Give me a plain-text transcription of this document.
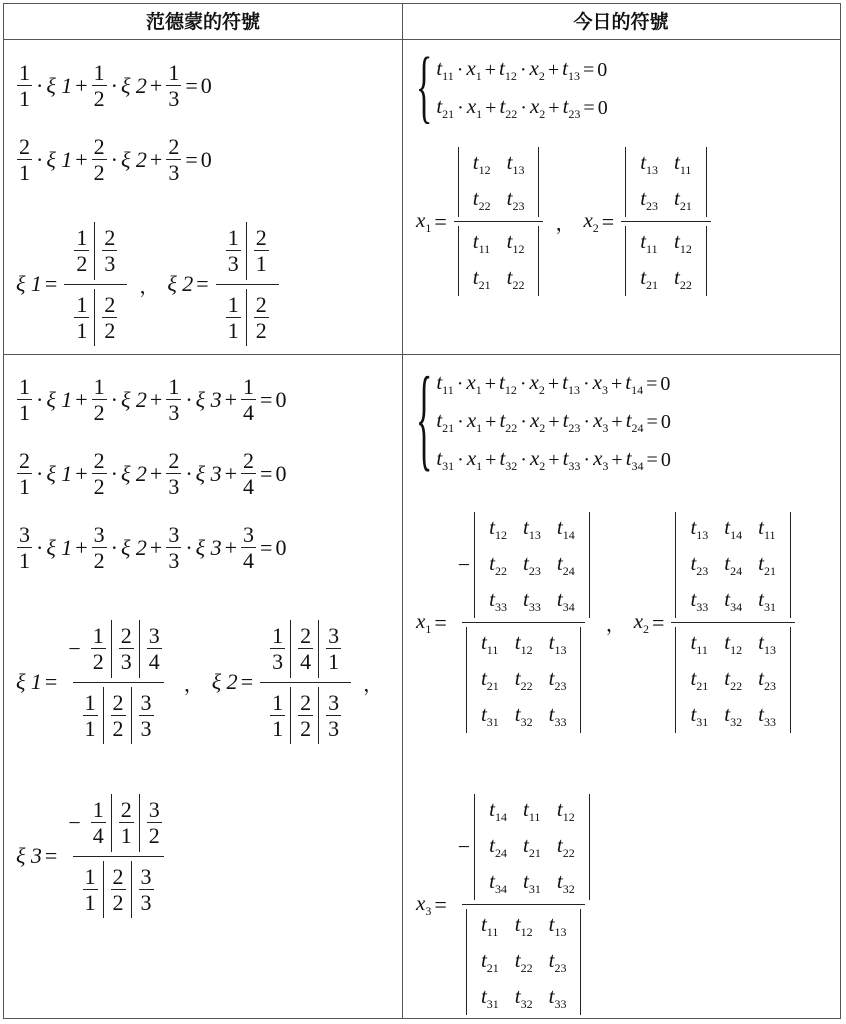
范德蒙的符號	今日的符號
$\frac{1}{1} \cdot \xi$ $1 + \frac{1}{2} \cdot \xi$ $2 + \frac{1}{3} = 0$
$\frac{2}{1} \cdot \xi$ $1 + \frac{2}{2} \cdot \xi$ $2 + \frac{2}{3} = 0$
ξ $1 = \frac{\frac{1}{2} \frac{2}{3}}{\frac{1}{1} \frac{2}{2}}$ ， ξ $2 = \frac{\frac{1}{3} \frac{2}{1}}{\frac{1}{1} \frac{2}{2}}$
{ $t_{11} \cdot x_1 + t_{12} \cdot x_2 + t_{13} = 0$
$t_{21} \cdot x_1 + t_{22} \cdot x_2 + t_{23} = 0$
$x_1 = t_{12}$ $t_{13}$
$t_{22}$ $t_{23}$
$t_{11}$ $t_{12}$
$t_{21}$ $t_{22}$ ， $x_2 = t_{13}$ $t_{11}$
$t_{23}$ $t_{21}$
$t_{11}$ $t_{12}$
$t_{21}$ $t_{22}$
$\frac{1}{1} \cdot \xi$ $1 + \frac{1}{2} \cdot \xi$ $2 + \frac{1}{3} \cdot \xi$ $3 + \frac{1}{4} = 0$
$\frac{2}{1} \cdot \xi$ $1 + \frac{2}{2} \cdot \xi$ $2 + \frac{2}{3} \cdot \xi$ $3 + \frac{2}{4} = 0$
$\frac{3}{1} \cdot \xi$ $1 + \frac{3}{2} \cdot \xi$ $2 + \frac{3}{3} \cdot \xi$ $3 + \frac{3}{4} = 0$
ξ $1 = \frac{- \frac{1}{2} \frac{2}{3} \frac{3}{4}}{\frac{1}{1} \frac{2}{2} \frac{3}{3}}$ ， ξ $2 = \frac{\frac{1}{3} \frac{2}{4} \frac{3}{1}}{\frac{1}{1} \frac{2}{2} \frac{3}{3}}$ ，
ξ $3 = \frac{- \frac{1}{4} \frac{2}{1} \frac{3}{2}}{\frac{1}{1} \frac{2}{2} \frac{3}{3}}$
{ $t_{11} \cdot x_1 + t_{12} \cdot x_2 + t_{13} \cdot x_3 + t_{14} = 0$
$t_{21} \cdot x_1 + t_{22} \cdot x_2 + t_{23} \cdot x_3 + t_{24} = 0$
$t_{31} \cdot x_1 + t_{32} \cdot x_2 + t_{33} \cdot x_3 + t_{34} = 0$
$x_1$ = −
$t_{12}$ $t_{13}$ $t_{14}$
$t_{22}$ $t_{23}$ $t_{24}$
$t_{33}$ $t_{33}$ $t_{34}$
$t_{11}$ $t_{12}$ $t_{13}$
$t_{21}$ $t_{22}$ $t_{23}$
$t_{31}$ $t_{32}$ $t_{33}$ ， $x_2 = t_{13}$ $t_{14}$ $t_{11}$
$t_{23}$ $t_{24}$ $t_{21}$
$t_{33}$ $t_{34}$ $t_{31}$
$t_{11}$ $t_{12}$ $t_{13}$
$t_{21}$ $t_{22}$ $t_{23}$
$t_{31}$ $t_{32}$ $t_{33}$
$x_3$ = −
$t_{14}$ $t_{11}$ $t_{12}$
$t_{24}$ $t_{21}$ $t_{22}$
$t_{34}$ $t_{31}$ $t_{32}$
$t_{11}$ $t_{12}$ $t_{13}$
$t_{21}$ $t_{22}$ $t_{23}$
$t_{31}$ $t_{32}$ $t_{33}$
